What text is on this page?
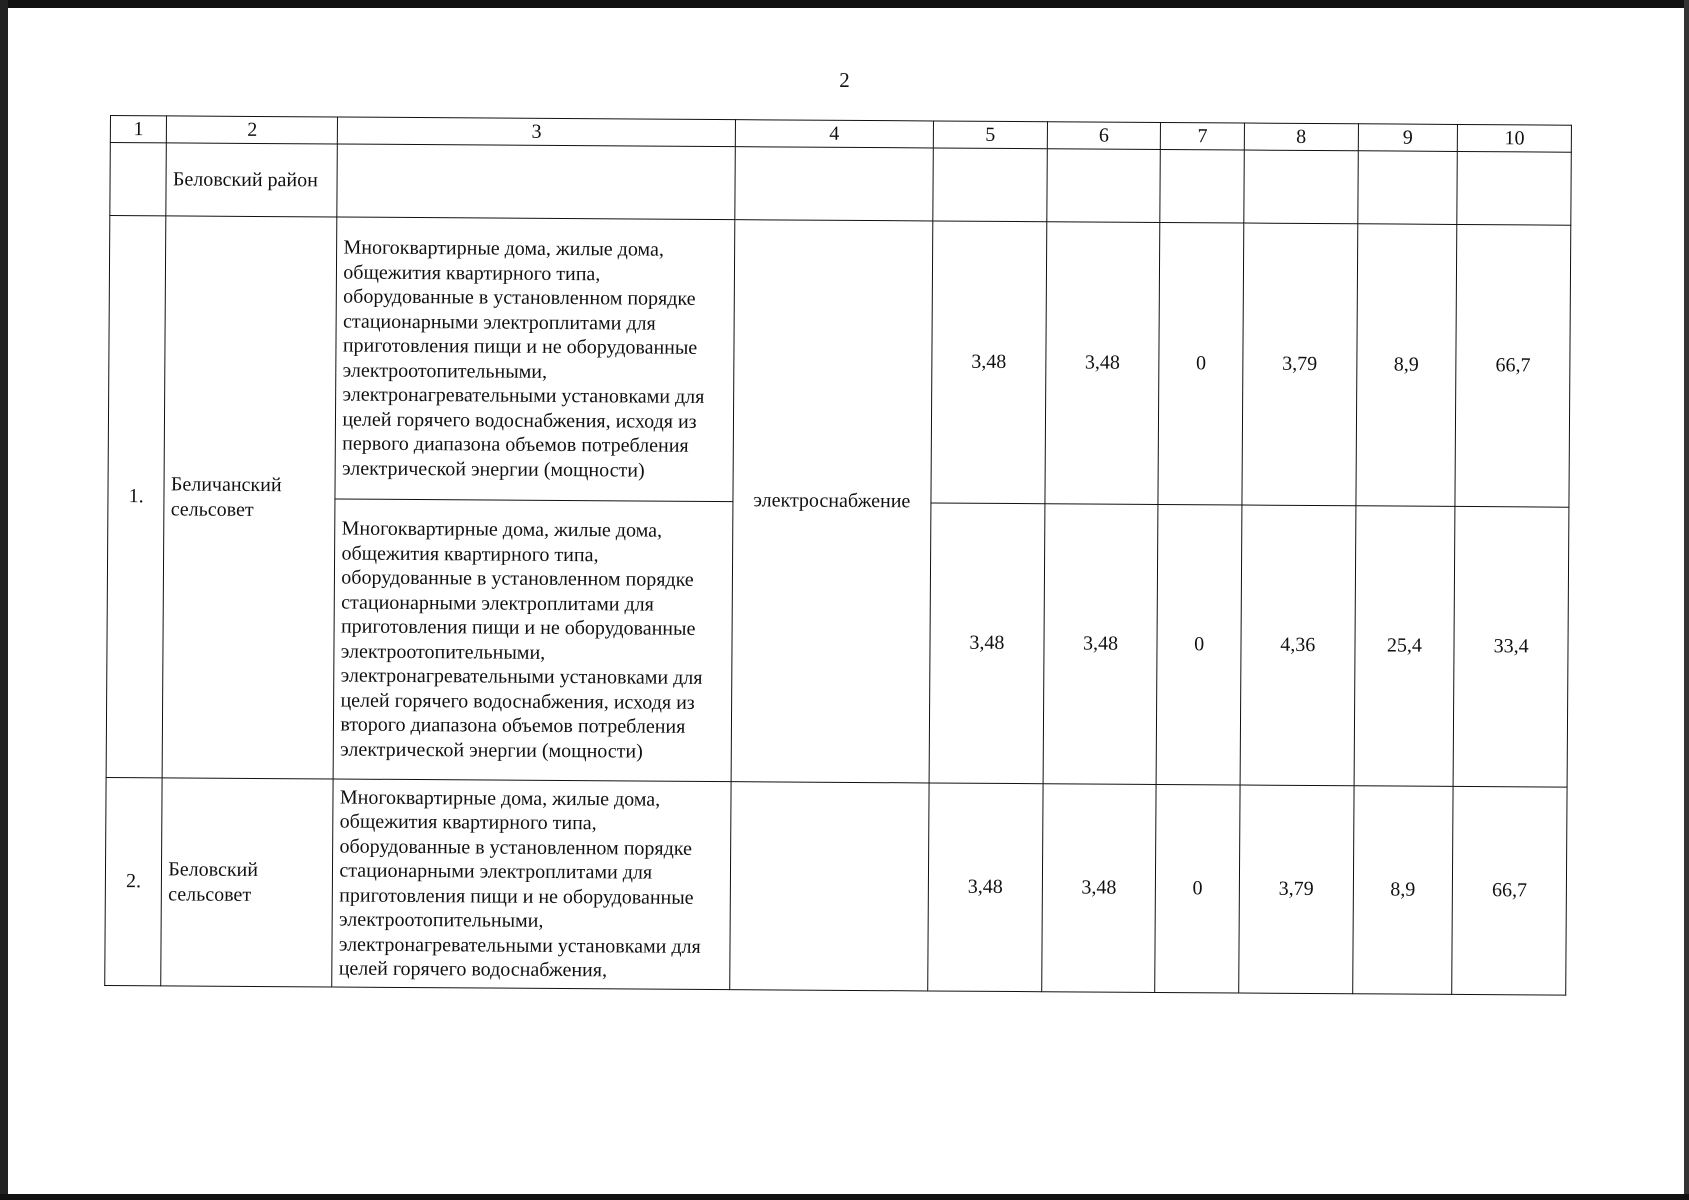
2
1	2	3	4	5	6	7	8	9	10
	Беловский район								
1.	Беличанский сельсовет	Многоквартирные дома, жилые дома, общежития квартирного типа, оборудованные в установленном порядке стационарными электроплитами для приготовления пищи и не оборудованные электроотопительными, электронагревательными установками для целей горячего водоснабжения, исходя из первого диапазона объемов потребления электрической энергии (мощности)	электроснабжение	3,48	3,48	0	3,79	8,9	66,7
		Многоквартирные дома, жилые дома, общежития квартирного типа, оборудованные в установленном порядке стационарными электроплитами для приготовления пищи и не оборудованные электроотопительными, электронагревательными установками для целей горячего водоснабжения, исходя из второго диапазона объемов потребления электрической энергии (мощности)		3,48	3,48	0	4,36	25,4	33,4
2.	Беловский сельсовет	Многоквартирные дома, жилые дома, общежития квартирного типа, оборудованные в установленном порядке стационарными электроплитами для приготовления пищи и не оборудованные электроотопительными, электронагревательными установками для целей горячего водоснабжения,		3,48	3,48	0	3,79	8,9	66,7
